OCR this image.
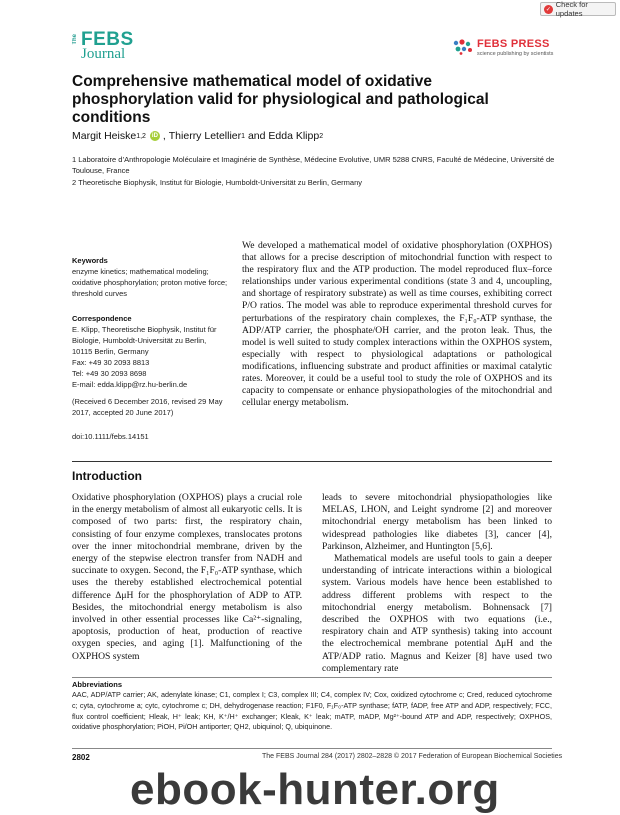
✓
Check for updates
The FEBS
Journal
FEBS PRESS
science publishing by scientists
Comprehensive mathematical model of oxidative phosphorylation valid for physiological and pathological conditions
Margit Heiske 1,2	iD , Thierry Letellier 1 and Edda Klipp 2

1 Laboratoire d’Anthropologie Moléculaire et Imaginérie de Synthèse, Médecine Evolutive, UMR 5288 CNRS, Faculté de Médecine, Université de Toulouse, France

2 Theoretische Biophysik, Institut für Biologie, Humboldt-Universität zu Berlin, Germany

Keywords

enzyme kinetics; mathematical modeling; oxidative phosphorylation; proton motive force; threshold curves

Correspondence

E. Klipp, Theoretische Biophysik, Institut für
Biologie, Humboldt-Universität zu Berlin,
10115 Berlin, Germany
Fax: +49 30 2093 8813
Tel: +49 30 2093 8698
E-mail: edda.klipp@rz.hu-berlin.de

(Received 6 December 2016, revised 29 May 2017, accepted 20 June 2017)

doi:10.1111/febs.14151

We developed a mathematical model of oxidative phosphorylation (OXPHOS) that allows for a precise description of mitochondrial function with respect to the respiratory flux and the ATP production. The model reproduced flux–force relationships under various experimental conditions (state 3 and 4, uncoupling, and shortage of respiratory substrate) as well as time courses, exhibiting correct P/O ratios. The model was able to reproduce experimental threshold curves for perturbations of the respiratory chain complexes, the F₁F₀-ATP synthase, the ADP/ATP carrier, the phosphate/OH carrier, and the proton leak. Thus, the model is well suited to study complex interactions within the OXPHOS system, especially with respect to physiological adaptations or pathological modifications, influencing substrate and product affinities or maximal catalytic rates. Moreover, it could be a useful tool to study the role of OXPHOS and its capacity to compensate or enhance physiopathologies of the mitochondrial and cellular energy metabolism.

Introduction

Oxidative phosphorylation (OXPHOS) plays a crucial role in the energy metabolism of almost all eukaryotic cells. It is composed of two parts: first, the respiratory chain, consisting of four enzyme complexes, translocates protons over the inner mitochondrial membrane, driven by the energy of the stepwise electron transfer from NADH and succinate to oxygen. Second, the F₁F₀-ATP synthase, which uses the thereby established electrochemical potential difference ΔμH for the phosphorylation of ADP to ATP. Besides, the mitochondrial energy metabolism is also involved in other essential processes like Ca²⁺-signaling, apoptosis, production of heat, production of reactive oxygen species, and aging [1]. Malfunctioning of the OXPHOS system

leads to severe mitochondrial physiopathologies like MELAS, LHON, and Leight syndrome [2] and moreover mitochondrial energy metabolism has been linked to widespread pathologies like diabetes [3], cancer [4], Parkinson, Alzheimer, and Huntington [5,6].

Mathematical models are useful tools to gain a deeper understanding of intricate interactions within a biological system. Various models have hence been established to address different problems with respect to the mitochondrial energy metabolism. Bohnensack [7] described the OXPHOS with two equations (i.e., respiratory chain and ATP synthesis) taking into account the electrochemical membrane potential ΔμH and the ATP/ADP ratio. Magnus and Keizer [8] have used two complementary rate

Abbreviations

AAC, ADP/ATP carrier; AK, adenylate kinase; C1, complex I; C3, complex III; C4, complex IV; Cox, oxidized cytochrome c; Cred, reduced cytochrome c; cyta, cytochrome a; cytc, cytochrome c; DH, dehydrogenase reaction; F1F0, F₁F₀-ATP synthase; fATP, fADP, free ATP and ADP, respectively; FCC, flux control coefficient; Hleak, H⁺ leak; KH, K⁺/H⁺ exchanger; Kleak, K⁺ leak; mATP, mADP, Mg²⁺-bound ATP and ADP, respectively; OXPHOS, oxidative phosphorylation; PiOH, Pi/OH antiporter; QH2, ubiquinol; Q, ubiquinone.

2802	The FEBS Journal 284 (2017) 2802–2828 © 2017 Federation of European Biochemical Societies
ebook-hunter.org
